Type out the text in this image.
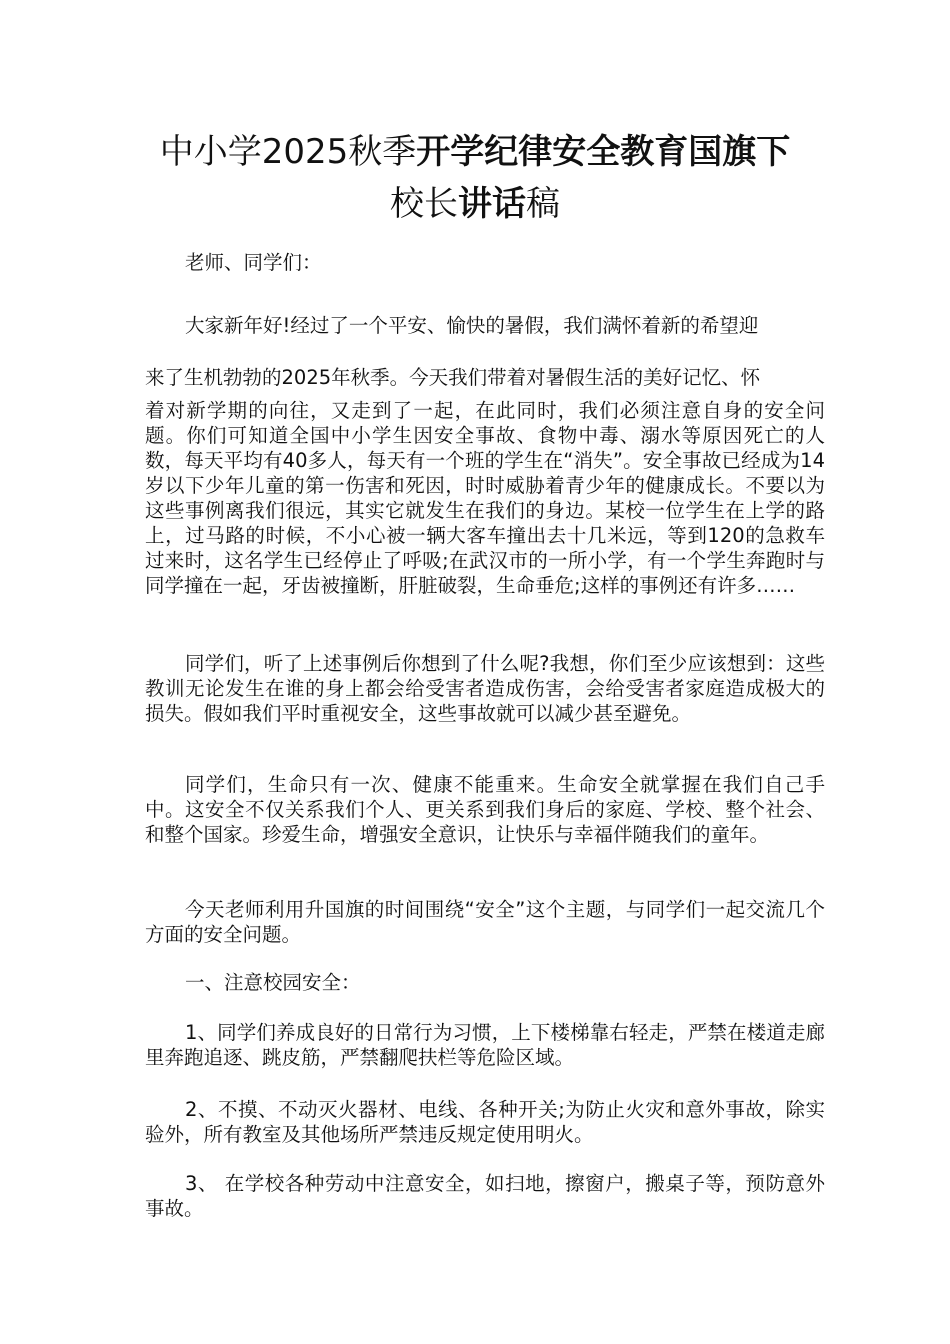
中小学2025秋季开学纪律安全教育国旗下
校长讲话稿

老师、同学们：

大家新年好!经过了一个平安、愉快的暑假，我们满怀着新的希望迎

来了生机勃勃的2025年秋季。今天我们带着对暑假生活的美好记忆、怀

着对新学期的向往，又走到了一起，在此同时，我们必须注意自身的安全问题。你们可知道全国中小学生因安全事故、食物中毒、溺水等原因死亡的人数，每天平均有40多人，每天有一个班的学生在“消失”。安全事故已经成为14岁以下少年儿童的第一伤害和死因，时时威胁着青少年的健康成长。不要以为这些事例离我们很远，其实它就发生在我们的身边。某校一位学生在上学的路上，过马路的时候，不小心被一辆大客车撞出去十几米远，等到120的急救车过来时，这名学生已经停止了呼吸;在武汉市的一所小学，有一个学生奔跑时与同学撞在一起，牙齿被撞断，肝脏破裂，生命垂危;这样的事例还有许多……

同学们，听了上述事例后你想到了什么呢?我想，你们至少应该想到：这些教训无论发生在谁的身上都会给受害者造成伤害，会给受害者家庭造成极大的损失。假如我们平时重视安全，这些事故就可以减少甚至避免。

同学们，生命只有一次、健康不能重来。生命安全就掌握在我们自己手中。这安全不仅关系我们个人、更关系到我们身后的家庭、学校、整个社会、和整个国家。珍爱生命，增强安全意识，让快乐与幸福伴随我们的童年。

今天老师利用升国旗的时间围绕“安全”这个主题，与同学们一起交流几个方面的安全问题。

一、注意校园安全：

1、同学们养成良好的日常行为习惯，上下楼梯靠右轻走，严禁在楼道走廊里奔跑追逐、跳皮筋，严禁翻爬扶栏等危险区域。

2、不摸、不动灭火器材、电线、各种开关;为防止火灾和意外事故，除实验外，所有教室及其他场所严禁违反规定使用明火。

3、 在学校各种劳动中注意安全，如扫地，擦窗户，搬桌子等，预防意外事故。
